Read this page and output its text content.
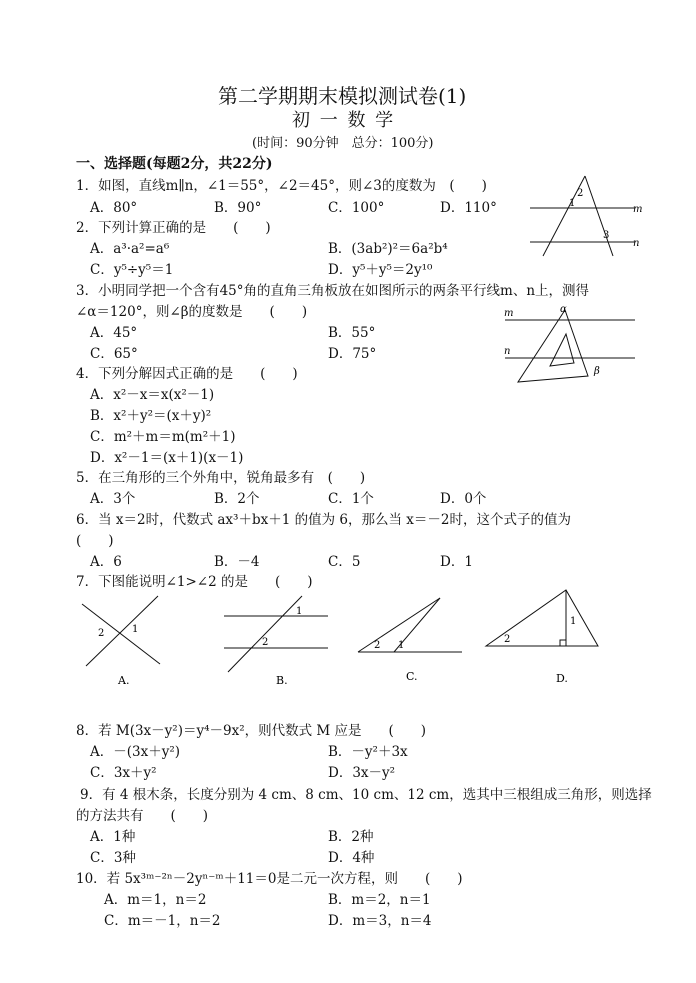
第二学期期末模拟测试卷(1)
初 一 数 学
(时间：90分钟　总分：100分)
一、选择题(每题2分，共22分)
1．如图，直线m∥n，∠1＝55°，∠2＝45°，则∠3的度数为　(　　)
A．80°	B．90°	C．100°	D．110°
2
1
3
m
n
2．下列计算正确的是　　(　　)
A．a³·a²=a⁶	B．(3ab²)²＝6a²b⁴
C．y⁵÷y⁵＝1	D．y⁵＋y⁵＝2y¹⁰
3．小明同学把一个含有45°角的直角三角板放在如图所示的两条平行线m、n上，测得
∠α＝120°，则∠β的度数是　　(　　)
A．45°	B．55°
C．65°	D．75°
m
n
α
β
4．下列分解因式正确的是　　(　　)
A．x²－x＝x(x²－1)
B．x²＋y²＝(x＋y)²
C．m²＋m＝m(m²＋1)
D．x²－1＝(x＋1)(x－1)
5．在三角形的三个外角中，锐角最多有　(　　)
A．3个	B．2个	C．1个	D．0个
6．当 x＝2时，代数式 ax³＋bx＋1 的值为 6，那么当 x＝－2时，这个式子的值为
(　　)
A．6	B．－4	C．5	D．1
7．下图能说明∠1>∠2 的是　　(　　)
1
2
A.
1
2
B.
2 1
C.
1
2
D.
8．若 M(3x－y²)＝y⁴－9x²，则代数式 M 应是　　(　　)
A．－(3x＋y²)	B．－y²＋3x
C．3x＋y²	D．3x－y²
9．有 4 根木条，长度分别为 4 cm、8 cm、10 cm、12 cm，选其中三根组成三角形，则选择
的方法共有　　(　　)
A．1种	B．2种
C．3种	D．4种
10．若 5x³ᵐ⁻²ⁿ－2yⁿ⁻ᵐ＋11＝0是二元一次方程，则　　(　　)
A．m＝1，n＝2	B．m＝2，n＝1
C．m＝－1，n＝2	D．m＝3，n＝4
